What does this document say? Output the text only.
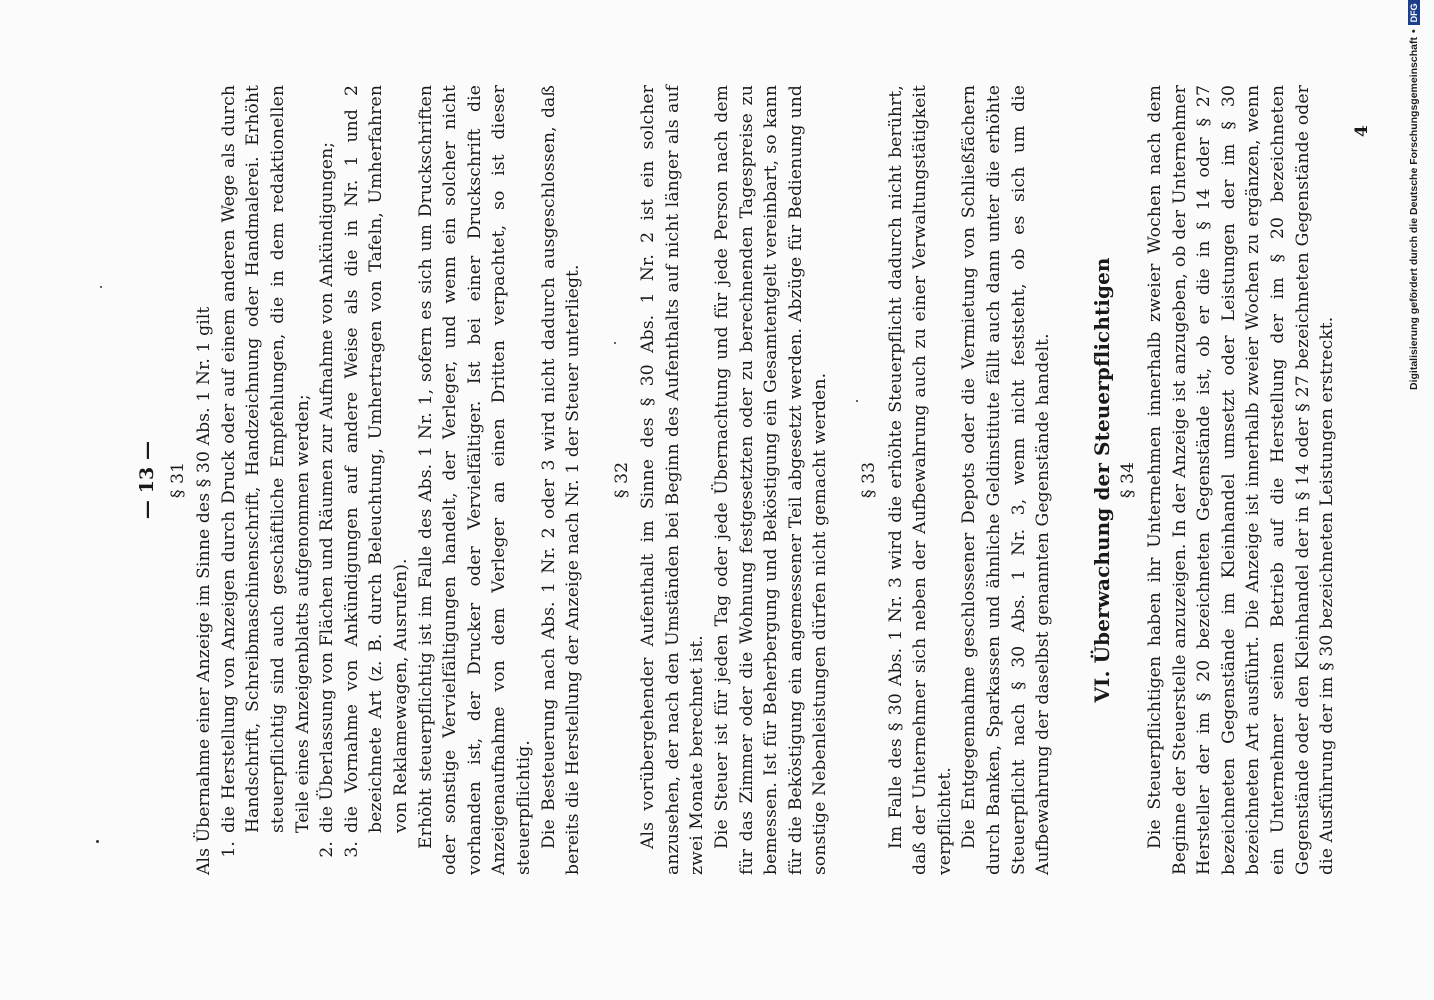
— 13 — § 31 Als Übernahme einer Anzeige im Sinne des § 30 Abs. 1 Nr. 1 gilt 1.
die Herstellung von Anzeigen durch Druck oder auf einem anderen Wege als durch Handschrift, Schreibmaschinenschrift, Handzeichnung oder Handmalerei. Erhöht steuerpflichtig sind auch geschäftliche Empfehlungen, die in dem redaktionellen Teile eines Anzeigenblatts aufgenommen werden;
2.
die Überlassung von Flächen und Räumen zur Aufnahme von Ankündigungen;
3.
die Vornahme von Ankündigungen auf andere Weise als die in Nr. 1 und 2 bezeichnete Art (z. B. durch Beleuchtung, Umhertragen von Tafeln, Umherfahren von Reklamewagen, Ausrufen). Erhöht steuerpflichtig ist im Falle des Abs. 1 Nr. 1, sofern es sich um Druckschriften oder sonstige Vervielfältigungen handelt, der Verleger, und wenn ein solcher nicht vorhanden ist, der Drucker oder Vervielfältiger. Ist bei einer Druckschrift die Anzeigenaufnahme von dem Verleger an einen Dritten verpachtet, so ist dieser steuerpflichtig. Die Besteuerung nach Abs. 1 Nr. 2 oder 3 wird nicht dadurch ausgeschlossen, daß bereits die Herstellung der Anzeige nach Nr. 1 der Steuer unterliegt. § 32 Als vorübergehender Aufenthalt im Sinne des § 30 Abs. 1 Nr. 2 ist ein solcher anzusehen, der nach den Umständen bei Beginn des Aufenthalts auf nicht länger als auf zwei Monate berechnet ist. Die Steuer ist für jeden Tag oder jede Übernachtung und für jede Person nach dem für das Zimmer oder die Wohnung festgesetzten oder zu berechnenden Tagespreise zu bemessen. Ist für Beherbergung und Beköstigung ein Gesamtentgelt vereinbart, so kann für die Beköstigung ein angemessener Teil abgesetzt werden. Abzüge für Bedienung und sonstige Nebenleistungen dürfen nicht gemacht werden. § 33 Im Falle des § 30 Abs. 1 Nr. 3 wird die erhöhte Steuerpflicht dadurch nicht berührt, daß der Unternehmer sich neben der Aufbewahrung auch zu einer Verwaltungstätigkeit verpflichtet. Die Entgegennahme geschlossener Depots oder die Vermietung von Schließfächern durch Banken, Sparkassen und ähnliche Geldinstitute fällt auch dann unter die erhöhte Steuerpflicht nach § 30 Abs. 1 Nr. 3, wenn nicht feststeht, ob es sich um die Aufbewahrung der daselbst genannten Gegenstände handelt. VI. Überwachung der Steuerpflichtigen § 34 Die Steuerpflichtigen haben ihr Unternehmen innerhalb zweier Wochen nach dem Beginne der Steuerstelle anzuzeigen. In der Anzeige ist anzugeben, ob der Unternehmer Hersteller der im § 20 bezeichneten Gegenstände ist, ob er die in § 14 oder § 27 bezeichneten Gegenstände im Kleinhandel umsetzt oder Leistungen der im § 30 bezeichneten Art ausführt. Die Anzeige ist innerhalb zweier Wochen zu ergänzen, wenn ein Unternehmer seinen Betrieb auf die Herstellung der im § 20 bezeichneten Gegenstände oder den Kleinhandel der in § 14 oder § 27 bezeichneten Gegenstände oder die Ausführung der im § 30 bezeichneten Leistungen erstreckt.

4	Digitalisierung gefördert durch die Deutsche Forschungsgemeinschaft
•
DFG
